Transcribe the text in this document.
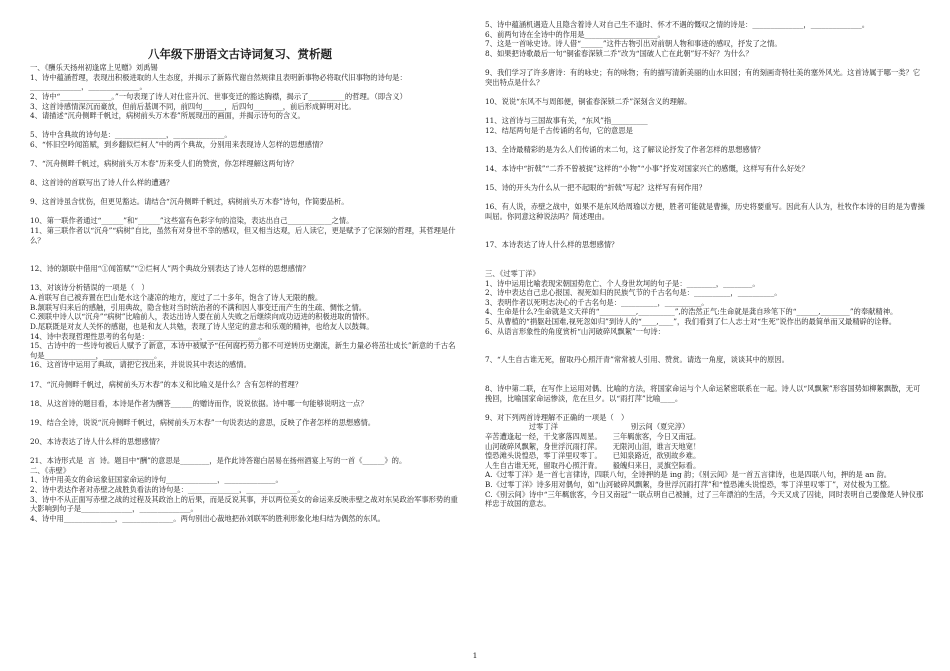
八年级下册语文古诗词复习、赏析题

一、《酬乐天扬州初逢席上见赠》刘禹锡

1、诗中蕴涵哲理，表现出积极进取的人生态度，并揭示了新陈代谢自然规律且表明新事物必将取代旧事物的诗句是：______________，______________。

2、诗中“______________。”一句表现了诗人对仕宦升沉、世事变迁的豁达胸襟，揭示了__________的哲理。（即含义）

3、这首诗感情深沉而豪放，但前后基调不同，前四句______，后四句________，前后形成鲜明对比。

4、请描述“沉舟侧畔千帆过，病树前头万木春”所展现出的画面，并揭示诗句的含义。

5、诗中含典故的诗句是：______________，______________。

6、“怀旧空吟闻笛赋，到乡翻似烂柯人”中的两个典故，分别用来表现诗人怎样的思想感情？

7、“沉舟侧畔千帆过，病树前头万木春”历来受人们的赞赏，你怎样理解这两句诗？

8、这首诗的首联写出了诗人什么样的遭遇？

9、这首诗虽含忧伤，但更见豁达。请结合“沉舟侧畔千帆过，病树前头万木春”诗句，作简要品析。

10、第一联作者通过“______”和“______”这些富有色彩字句的渲染，表达出自己____________之情。

11、第三联作者以“沉舟”“病树”自比，虽然有对身世不幸的感叹，但又相当达观，后人读它，更是赋予了它深刻的哲理，其哲理是什么？

12、诗的颔联中借用“①闻笛赋”“②烂柯人”两个典故分别表达了诗人怎样的思想感情？

13、对该诗分析错误的一项是（　）

A.首联写自己被弃置在巴山楚水这个凄凉的地方，度过了二十多年，饱含了诗人无限的酸。

B.颔联写归来后的感触，引用典故，隐含他对当时统治者的不满和因人事变迁而产生的生疏、惆怅之情。

C.颈联中诗人以“沉舟”“病树”比喻前人，表达出诗人要在前人失败之后继续向成功迈进的积极进取的情怀。

D.尾联既是对友人关怀的感谢，也是和友人共勉，表现了诗人坚定的意志和乐观的精神，也给友人以鼓舞。

14、诗中表现哲理性思考的名句是：______________，______________。

15、古诗中的一些诗句被后人赋予了新意，本诗中被赋予“任何腐朽势力都不可逆转历史潮流，新生力量必将茁壮成长”新意的千古名句是______________，______________。

16、这首诗中运用了典故，请把它找出来，并说说其中表达的感情。

17、“沉舟侧畔千帆过，病树前头万木春”的本义和比喻义是什么？含有怎样的哲理？

18、从这首诗的题目看，本诗是作者为酬答______的赠诗而作，说说依据。诗中哪一句能够说明这一点？

19、结合全诗，说说“沉舟侧畔千帆过，病树前头万木春”一句说表达的意思，反映了作者怎样的思想感情。

20、本诗表达了诗人什么样的思想感情？

21、本诗形式是  言  诗。题目中“酬”的意思是________，是作此诗答谢白居易在扬州酒宴上写的一首《______》的。

二、《赤壁》

1、诗中用美女的命运象征国家命运的诗句______________，______________。

2、诗中表达作者对赤壁之战胜负看法的诗句是：______________，______________。

3、诗中不从正面写赤壁之战的过程及其政治上的后果，而是反说其事，并以两位美女的命运来反映赤壁之战对东吴政治军事形势的重大影响到句子是______________，______________。

4、诗中用______________，______________。两句别出心裁地把孙刘联军的胜利形象化地归结为偶然的东风。

5、诗中蕴涵机遇造人且隐含着诗人对自己生不逢时、怀才不遇的慨叹之情的诗是：______________，______________。

6、前两句诗在全诗中的作用是____________________。

7、这是一首咏史诗。诗人借“______”这件古物引出对前朝人物和事迹的感叹，抒发了之情。

8、如果把诗歌最后一句“铜雀春深锁二乔”改为“国破人亡在此朝”好不好？为什么？

9、我们学习了许多唐诗：有的咏史；有的咏物；有的描写清新美丽的山水田园；有的刻画奇特壮美的塞外风光。这首诗属于哪一类？它突出特点是什么？

10、说说“东风不与周郎便，铜雀春深锁二乔”深刻含义的理解。

11、这首诗与三国故事有关，“东风”指__________

12、结尾两句是千古传诵的名句，它的意思是

13、全诗最精彩的是为么人们传诵的末二句，这了解议论抒发了作者怎样的思想感情？

14、本诗中“折戟”“二乔不曾被捉”这样的“小物”“小事”抒发对国家兴亡的感慨，这样写有什么好处？

15、诗的开头为什么从一把不起眼的“折戟”写起？这样写有何作用？

16、有人说，赤壁之战中，如果不是东风给周瑜以方便，胜者可能就是曹操，历史将要重写。因此有人认为，杜牧作本诗的目的是为曹操叫屈。你同意这种说法吗？简述理由。

17、本诗表达了诗人什么样的思想感情？

三、《过零丁洋》

1、诗中运用比喻表现宋朝国势危亡、个人身世坎坷的句子是：________，________。

2、诗中表达自己忠心报国、视死如归的民族气节的千古名句是：__________，__________。

3、表明作者以死明志决心的千古名句是：__________，__________。

4、生命是什么?生命就是文天祥的“__________,__________”,的浩然正气;生命就是龚自珍笔下的“______,________”的奉献精神。

5、从曹植的“捐躯赴国难,视死忽如归”到诗人的“____,____”，我们看到了仁人志士对“生死”说作出的最简单而又最精辟的诠释。

6、从语言形象性的角度赏析“山河破碎风飘絮”一句诗：

7、“人生自古谁无死，留取丹心照汗青”常常被人引用、赞赏。请选一角度，谈谈其中的原因。

8、诗中第二联，在写作上运用对偶、比喻的方法，将国家命运与个人命运紧密联系在一起。诗人以“风飘絮”形容国势如柳絮飘散，无可挽回，比喻国家命运惨淡，危在旦夕。以“雨打萍”比喻____。

9、对下列两首诗理解不正确的一项是（　）

　　　　　　过零丁洋　　　　　　　　　　别云间（夏完淳）

辛苦遭逢起一经，干戈寥落四周星。　　三年羁旅客，今日又南冠。

山河破碎风飘絮，身世浮沉雨打萍。　　无限河山泪，谁言天地宽！

惶恐滩头说惶恐，零丁洋里叹零丁。　　已知泉路近，欲别故乡难。

人生自古谁无死，留取丹心照汗青。　　毅魄归来日，灵旗空际看。

A.《过零丁洋》是一首七言律诗，四联八句，全诗押的是 ing 韵；《别云间》是一首五言律诗，也是四联八句，押的是 an 韵。

B.《过零丁洋》诗多用对偶句，如“山河破碎风飘絮，身世浮沉雨打萍”和“惶恐滩头说惶恐，零丁洋里叹零丁”，对仗极为工整。

C.《别云间》诗中“三年羁旅客，今日又南冠”一联点明自己被捕，过了三年漂泊的生活，今天又成了囚徒，同时表明自己要像楚人钟仪那样忠于故国的意志。

1
